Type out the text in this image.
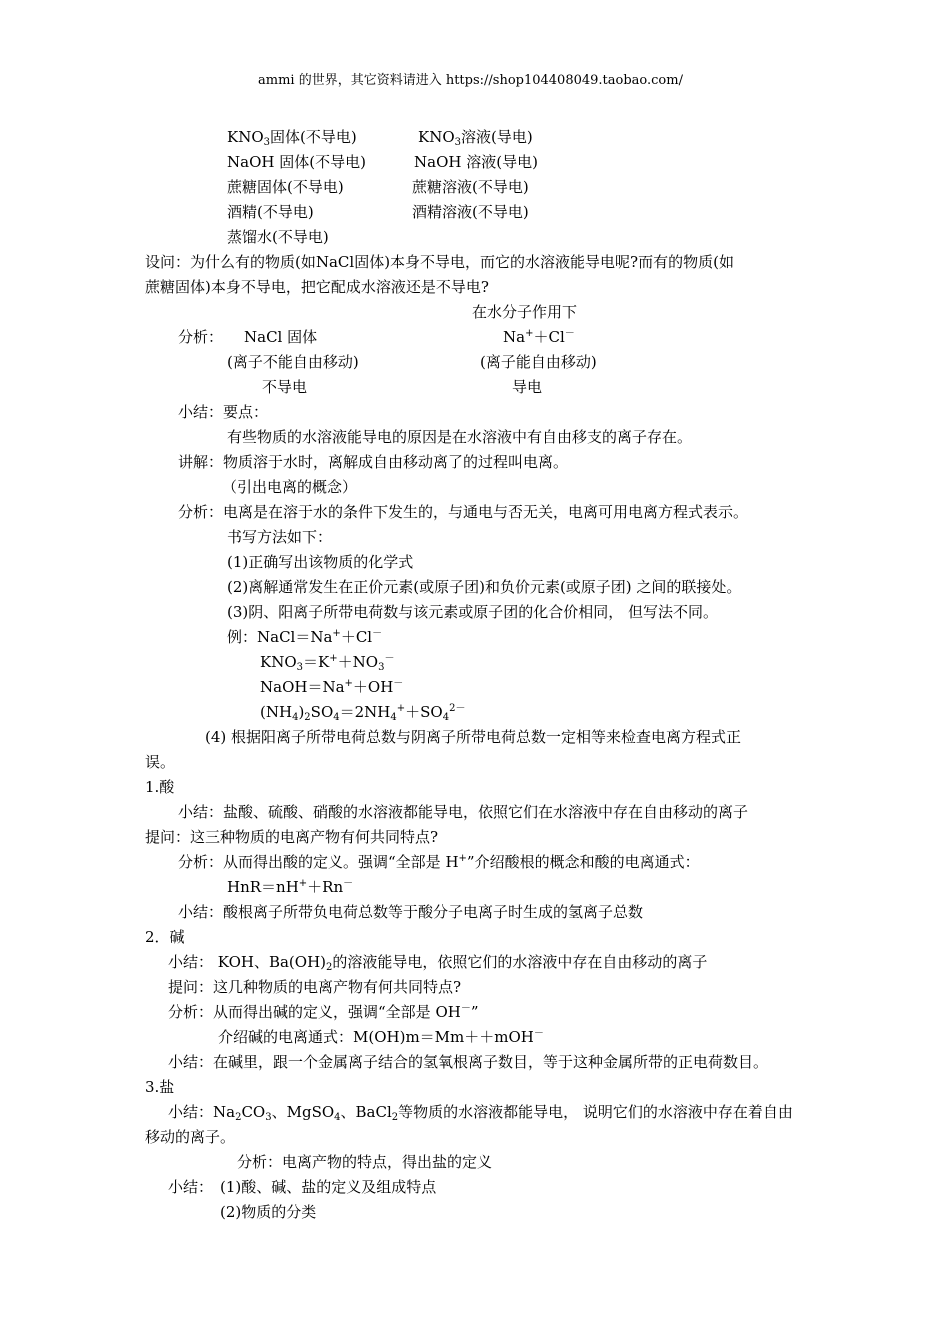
ammi 的世界，其它资料请进入 https://shop104408049.taobao.com/
$KNO_3$固体(不导电)	$KNO_3$溶液(导电)
NaOH 固体(不导电)	NaOH 溶液(导电)
蔗糖固体(不导电)	蔗糖溶液(不导电)
酒精(不导电)	酒精溶液(不导电)
蒸馏水(不导电)
设问：为什么有的物质(如NaCl固体)本身不导电，而它的水溶液能导电呢?而有的物质(如
蔗糖固体)本身不导电，把它配成水溶液还是不导电?
在水分子作用下
分析： NaCl 固体	Na+＋Cl－
(离子不能自由移动)	(离子能自由移动)
不导电	导电
小结：要点：
有些物质的水溶液能导电的原因是在水溶液中有自由移支的离子存在。
讲解：物质溶于水时，离解成自由移动离了的过程叫电离。
（引出电离的概念）
分析：电离是在溶于水的条件下发生的，与通电与否无关，电离可用电离方程式表示。
书写方法如下：
(1)正确写出该物质的化学式
(2)离解通常发生在正价元素(或原子团)和负价元素(或原子团) 之间的联接处。
(3)阴、阳离子所带电荷数与该元素或原子团的化合价相同， 但写法不同。
例：NaCl＝Na+＋Cl－
$KNO_3=K^++NO_3^-$
NaOH＝Na+＋OH－
$(NH_4)_2SO_4=2NH_4^++SO_4^{2-}$
(4) 根据阳离子所带电荷总数与阴离子所带电荷总数一定相等来检查电离方程式正
误。
1.酸
小结：盐酸、硫酸、硝酸的水溶液都能导电，依照它们在水溶液中存在自由移动的离子
提问：这三种物质的电离产物有何共同特点?
分析：从而得出酸的定义。强调“全部是 H+”介绍酸根的概念和酸的电离通式：
HnR＝nH+＋Rn－
小结：酸根离子所带负电荷总数等于酸分子电离子时生成的氢离子总数
2．碱
小结： KOH、$Ba(OH)_2$的溶液能导电，依照它们的水溶液中存在自由移动的离子
提问：这几种物质的电离产物有何共同特点?
分析：从而得出碱的定义，强调“全部是 OH－”
介绍碱的电离通式：M(OH)m＝Mm＋＋mOH－
小结：在碱里，跟一个金属离子结合的氢氧根离子数目，等于这种金属所带的正电荷数目。
3.盐
小结：$Na_2CO_3$、MgSO$_4$、BaCl$_2$等物质的水溶液都能导电， 说明它们的水溶液中存在着自由
移动的离子。
分析：电离产物的特点，得出盐的定义
小结： (1)酸、碱、盐的定义及组成特点
(2)物质的分类
